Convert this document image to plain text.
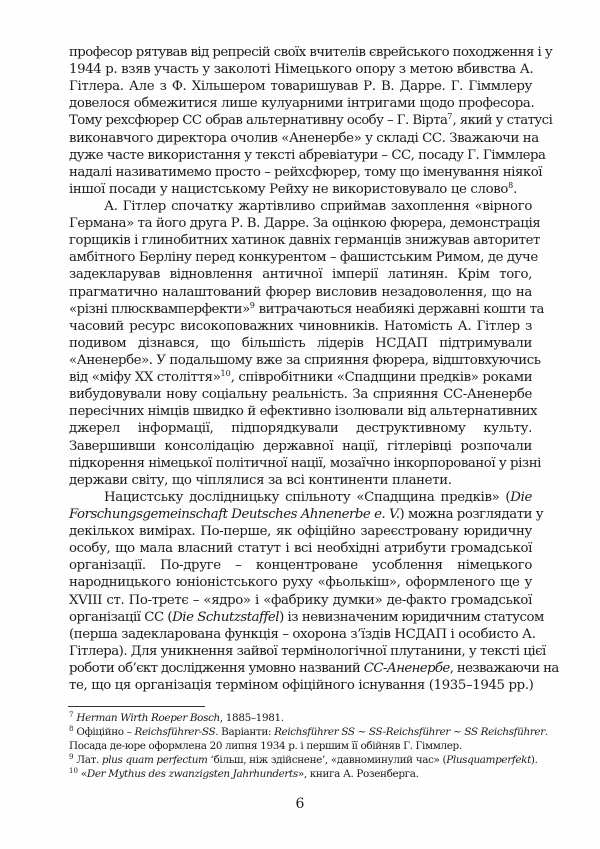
професор рятував від репресій своїх вчителів єврейського походження і у
1944 р. взяв участь у заколоті Німецького опору з метою вбивства А.
Гітлера. Але з Ф. Хільшером товаришував Р. В. Дарре. Г. Гіммлеру
довелося обмежитися лише кулуарними інтригами щодо професора.
Тому рехсфюрер СС обрав альтернативну особу – Г. Вірта$^7$, який у статусі
виконавчого директора очолив «Аненербе» у складі СС. Зважаючи на
дуже часте використання у тексті абревіатури – СС, посаду Г. Гіммлера
надалі називатимемо просто – рейхсфюрер, тому що іменування ніякої
іншої посади у нацистському Рейху не використовувало це слово$^8$.
А. Гітлер спочатку жартівливо сприймав захоплення «вірного
Германа» та його друга Р. В. Дарре. За оцінкою фюрера, демонстрація
горщиків і глинобитних хатинок давніх германців знижував авторитет
амбітного Берліну перед конкурентом – фашистським Римом, де дуче
задекларував відновлення античної імперії латинян. Крім того,
прагматично налаштований фюрер висловив незадоволення, що на
«різні плюсквамперфекти»$^9$ витрачаються неабиякі державні кошти та
часовий ресурс високоповажних чиновників. Натомість А. Гітлер з
подивом дізнався, що більшість лідерів НСДАП підтримували
«Аненербе». У подальшому вже за сприяння фюрера, відштовхуючись
від «міфу ХХ століття»$^{10}$, співробітники «Спадщини предків» роками
вибудовували нову соціальну реальність. За сприяння СС-Аненербе
пересічних німців швидко й ефективно ізолювали від альтернативних
джерел інформації, підпорядкували деструктивному культу.
Завершивши консолідацію державної нації, гітлерівці розпочали
підкорення німецької політичної нації, мозаїчно інкорпорованої у різні
держави світу, що чіплялися за всі континенти планети.
Нацистську дослідницьку спільноту «Спадщина предків» (Die
Forschungsgemeinschaft Deutsches Ahnenerbe e. V.) можна розглядати у
декількох вимірах. По-перше, як офіційно зареєстровану юридичну
особу, що мала власний статут і всі необхідні атрибути громадської
організації. По-друге – концентроване усоблення німецького
народницького юніоністського руху «фьолькіш», оформленого ще у
XVIII ст. По-третє – «ядро» і «фабрику думки» де-факто громадської
організації СС (Die Schutzstaffel) із невизначеним юридичним статусом
(перша задекларована функція – охорона з’їздів НСДАП і особисто А.
Гітлера). Для уникнення зайвої термінологічної плутанини, у тексті цієї
роботи об’єкт дослідження умовно названий СС-Аненербе, незважаючи на
те, що ця організація терміном офіційного існування (1935–1945 рр.)
$^7$ Herman Wirth Roeper Bosch, 1885–1981.
$^8$ Офіційно – Reichsführer-SS. Варіанти: Reichsführer SS ~ SS-Reichsführer ~ SS Reichsführer.
Посада де-юре оформлена 20 липня 1934 р. і першим її обійняв Г. Гіммлер.
$^9$ Лат. plus quam perfectum ‘більш, ніж здійснене’, «давноминулий час» (Plusquamperfekt).
$^{10}$ «Der Mythus des zwanzigsten Jahrhunderts», книга А. Розенберга.
6
